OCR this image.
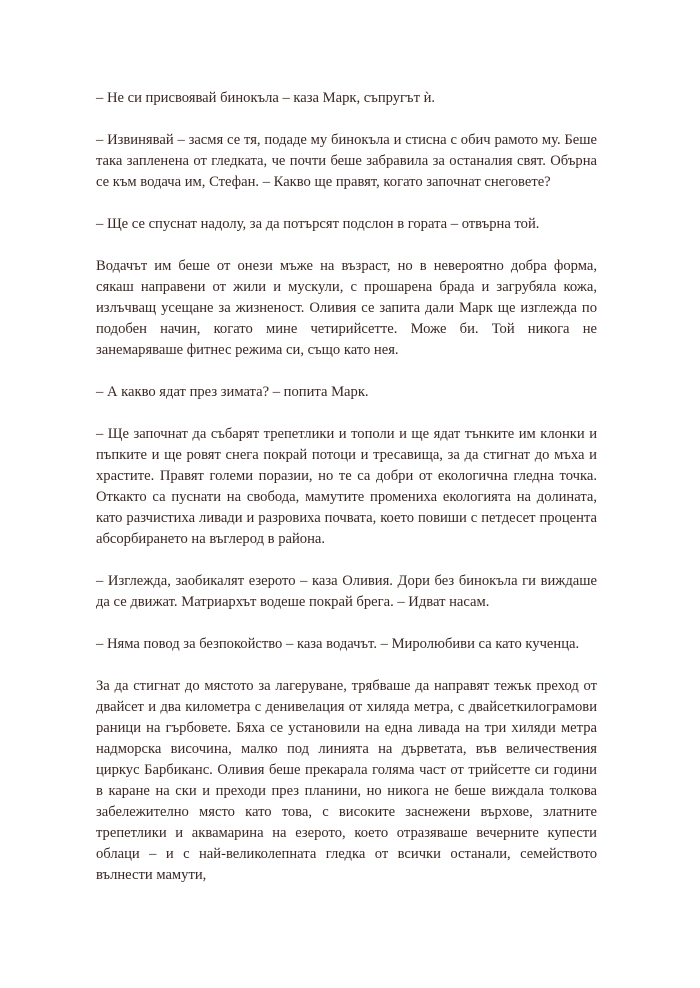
– Не си присвоявай бинокъла – каза Марк, съпругът ѝ.

– Извинявай – засмя се тя, подаде му бинокъла и стисна с обич рамото му. Беше така запленена от гледката, че почти беше забравила за останалия свят. Обърна се към водача им, Стефан. – Какво ще правят, когато започнат снеговете?

– Ще се спуснат надолу, за да потърсят подслон в гората – отвърна той.

Водачът им беше от онези мъже на възраст, но в невероятно добра форма, сякаш направени от жили и мускули, с прошарена брада и загрубяла кожа, излъчващ усещане за жизненост. Оливия се запита дали Марк ще изглежда по подобен начин, когато мине четирийсетте. Може би. Той никога не занемаряваше фитнес режима си, също като нея.

– А какво ядат през зимата? – попита Марк.

– Ще започнат да събарят трепетлики и тополи и ще ядат тънките им клонки и пъпките и ще ровят снега покрай потоци и тресавища, за да стигнат до мъха и храстите. Правят големи поразии, но те са добри от екологична гледна точка. Откакто са пуснати на свобода, мамутите промениха екологията на долината, като разчистиха ливади и разровиха почвата, което повиши с петдесет процента абсорбирането на въглерод в района.

– Изглежда, заобикалят езерото – каза Оливия. Дори без бинокъла ги виждаше да се движат. Матриархът водеше покрай брега. – Идват насам.

– Няма повод за безпокойство – каза водачът. – Миролюбиви са като кученца.

За да стигнат до мястото за лагеруване, трябваше да направят тежък преход от двайсет и два километра с денивелация от хиляда метра, с двайсеткилограмови раници на гърбовете. Бяха се установили на една ливада на три хиляди метра надморска височина, малко под линията на дърветата, във величествения циркус Барбиканс. Оливия беше прекарала голяма част от трийсетте си години в каране на ски и преходи през планини, но никога не беше виждала толкова забележително място като това, с високите заснежени върхове, златните трепетлики и аквамарина на езерото, което отразяваше вечерните купести облаци – и с най-великолепната гледка от всички останали, семейството вълнести мамути,
